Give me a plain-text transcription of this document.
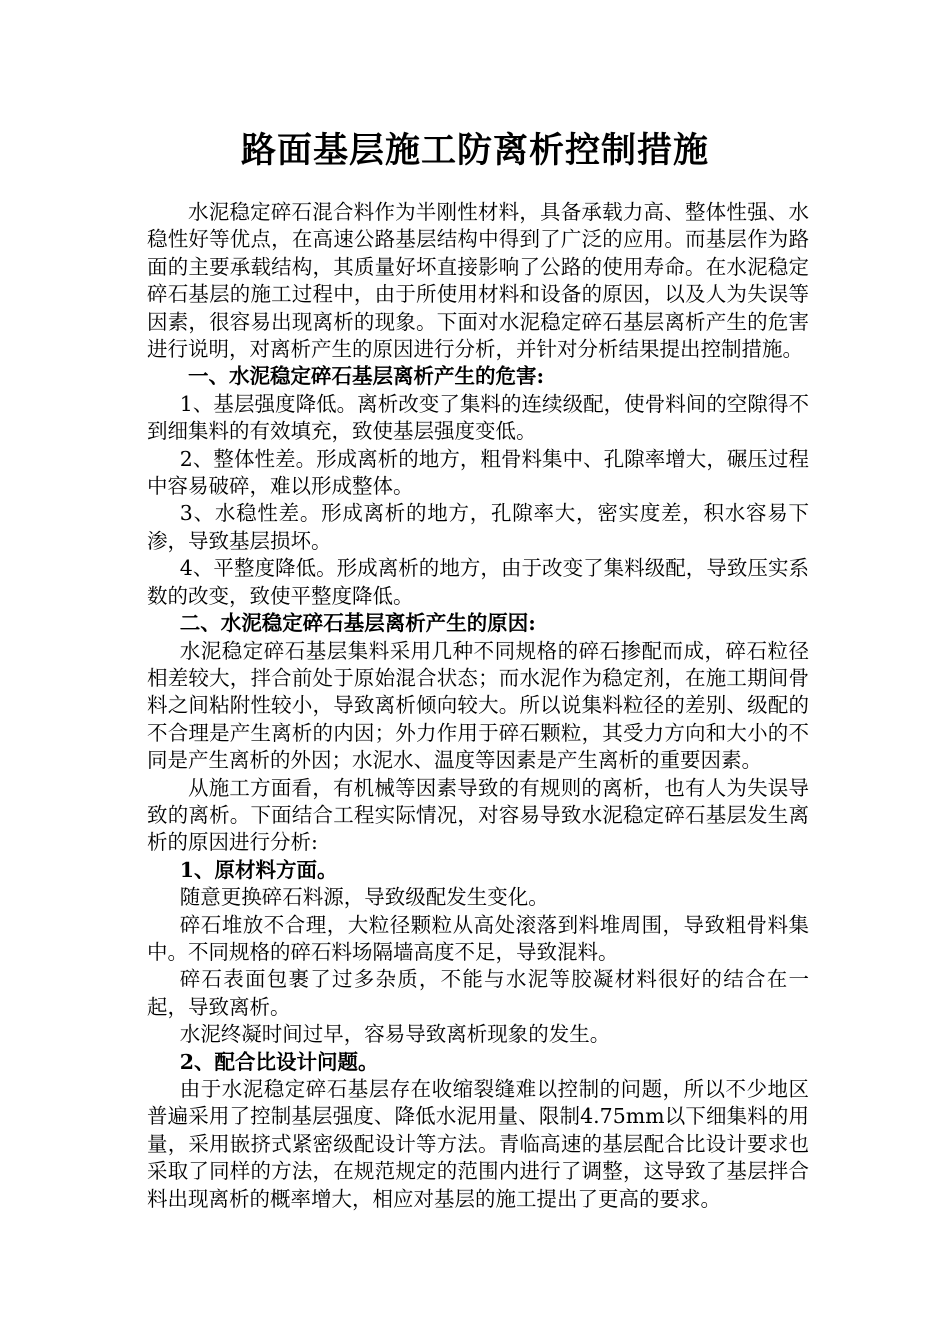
路面基层施工防离析控制措施

水泥稳定碎石混合料作为半刚性材料，具备承载力高、整体性强、水稳性好等优点，在高速公路基层结构中得到了广泛的应用。而基层作为路面的主要承载结构，其质量好坏直接影响了公路的使用寿命。在水泥稳定碎石基层的施工过程中，由于所使用材料和设备的原因，以及人为失误等因素，很容易出现离析的现象。下面对水泥稳定碎石基层离析产生的危害进行说明，对离析产生的原因进行分析，并针对分析结果提出控制措施。

一、水泥稳定碎石基层离析产生的危害:

1、基层强度降低。离析改变了集料的连续级配，使骨料间的空隙得不到细集料的有效填充，致使基层强度变低。

2、整体性差。形成离析的地方，粗骨料集中、孔隙率增大，碾压过程中容易破碎，难以形成整体。

3、水稳性差。形成离析的地方，孔隙率大，密实度差，积水容易下渗，导致基层损坏。

4、平整度降低。形成离析的地方，由于改变了集料级配，导致压实系数的改变，致使平整度降低。

二、水泥稳定碎石基层离析产生的原因:

水泥稳定碎石基层集料采用几种不同规格的碎石掺配而成，碎石粒径相差较大，拌合前处于原始混合状态；而水泥作为稳定剂，在施工期间骨料之间粘附性较小，导致离析倾向较大。所以说集料粒径的差别、级配的不合理是产生离析的内因；外力作用于碎石颗粒，其受力方向和大小的不同是产生离析的外因；水泥水、温度等因素是产生离析的重要因素。

从施工方面看，有机械等因素导致的有规则的离析，也有人为失误导致的离析。下面结合工程实际情况，对容易导致水泥稳定碎石基层发生离析的原因进行分析:

1、原材料方面。

随意更换碎石料源，导致级配发生变化。

碎石堆放不合理，大粒径颗粒从高处滚落到料堆周围，导致粗骨料集中。不同规格的碎石料场隔墙高度不足，导致混料。

碎石表面包裹了过多杂质，不能与水泥等胶凝材料很好的结合在一起，导致离析。

水泥终凝时间过早，容易导致离析现象的发生。

2、配合比设计问题。

由于水泥稳定碎石基层存在收缩裂缝难以控制的问题，所以不少地区普遍采用了控制基层强度、降低水泥用量、限制4.75mm以下细集料的用量，采用嵌挤式紧密级配设计等方法。青临高速的基层配合比设计要求也采取了同样的方法，在规范规定的范围内进行了调整，这导致了基层拌合料出现离析的概率增大，相应对基层的施工提出了更高的要求。
